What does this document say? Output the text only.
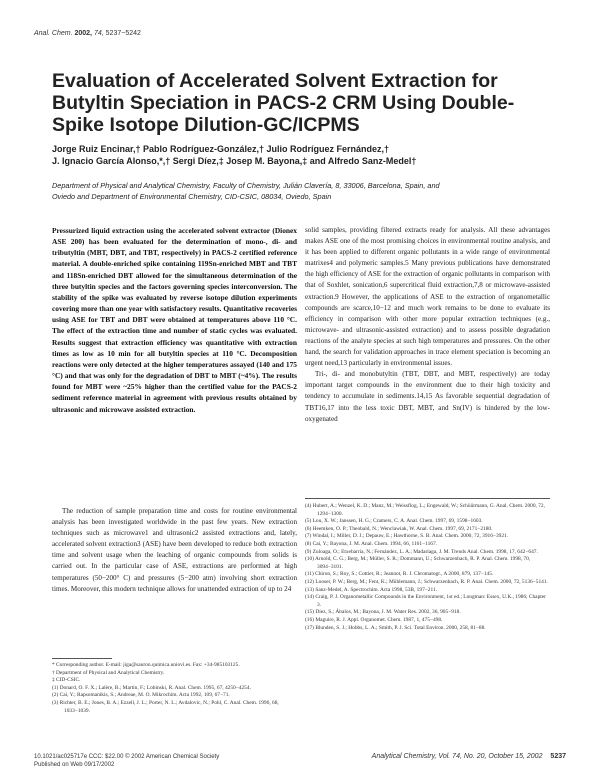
Anal. Chem. 2002, 74, 5237−5242
Evaluation of Accelerated Solvent Extraction for Butyltin Speciation in PACS-2 CRM Using Double-Spike Isotope Dilution-GC/ICPMS
Jorge Ruiz Encinar,† Pablo Rodríguez-González,† Julio Rodríguez Fernández,†
J. Ignacio García Alonso,*,† Sergi Díez,‡ Josep M. Bayona,‡ and Alfredo Sanz-Medel†
Department of Physical and Analytical Chemistry, Faculty of Chemistry, Julián Clavería, 8, 33006, Barcelona, Spain, and
Oviedo and Department of Environmental Chemistry, CID-CSIC, 08034, Oviedo, Spain
Pressurized liquid extraction using the accelerated solvent extractor (Dionex ASE 200) has been evaluated for the determination of mono-, di- and tributyltin (MBT, DBT, and TBT, respectively) in PACS-2 certified reference material. A double-enriched spike containing 119Sn-enriched MBT and TBT and 118Sn-enriched DBT allowed for the simultaneous determination of the three butyltin species and the factors governing species interconversion. The stability of the spike was evaluated by reverse isotope dilution experiments covering more than one year with satisfactory results. Quantitative recoveries using ASE for TBT and DBT were obtained at temperatures above 110 °C. The effect of the extraction time and number of static cycles was evaluated. Results suggest that extraction efficiency was quantitative with extraction times as low as 10 min for all butyltin species at 110 °C. Decomposition reactions were only detected at the higher temperatures assayed (140 and 175 °C) and that was only for the degradation of DBT to MBT (~4%). The results found for MBT were ~25% higher than the certified value for the PACS-2 sediment reference material in agreement with previous results obtained by ultrasonic and microwave assisted extraction.

The reduction of sample preparation time and costs for routine environmental analysis has been investigated worldwide in the past few years. New extraction techniques such as microwave1 and ultrasonic2 assisted extractions and, lately, accelerated solvent extraction3 (ASE) have been developed to reduce both extraction time and solvent usage when the leaching of organic compounds from solids is carried out. In the particular case of ASE, extractions are performed at high temperatures (50−200° C) and pressures (5−200 atm) involving short extraction times. Moreover, this modern technique allows for unattended extraction of up to 24

solid samples, providing filtered extracts ready for analysis. All these advantages makes ASE one of the most promising choices in environmental routine analysis, and it has been applied to different organic pollutants in a wide range of environmental matrixes4 and polymeric samples.5 Many previous publications have demonstrated the high efficiency of ASE for the extraction of organic pollutants in comparison with that of Soxhlet, sonication,6 supercritical fluid extraction,7,8 or microwave-assisted extraction.9 However, the applications of ASE to the extraction of organometallic compounds are scarce,10−12 and much work remains to be done to evaluate its efficiency in comparison with other more popular extraction techniques (e.g., microwave- and ultrasonic-assisted extraction) and to assess possible degradation reactions of the analyte species at such high temperatures and pressures. On the other hand, the search for validation approaches in trace element speciation is becoming an urgent need,13 particularly in environmental issues.

Tri-, di- and monobutyltin (TBT, DBT, and MBT, respectively) are today important target compounds in the environment due to their high toxicity and tendency to accumulate in sediments.14,15 As favorable sequential degradation of TBT16,17 into the less toxic DBT, MBT, and Sn(IV) is hindered by the low-oxygenated

* Corresponding author. E-mail: jiga@sauron.quimica.uniovi.es. Fax: +34-985103125.
† Department of Physical and Analytical Chemistry.
‡ CID-CSIC.
(1) Donard, O. F. X.; Lalère, B.; Martin, F.; Lobinski, R. Anal. Chem. 1995, 67, 4250−4254.
(2) Cai, Y.; Rapsomanikis, S.; Andreae, M. O. Mikrochim. Acta 1992, 109, 67−71.
(3) Richter, B. E.; Jones, B. A.; Ezzell, J. L.; Porter, N. L.; Avdalovic, N.; Pohl, C. Anal. Chem. 1996, 68, 1033−1039.
(4) Hubert, A.; Wenzel, K. D.; Manz, M.; Weissflog, L.; Engewald, W.; Schüürmann, G. Anal. Chem. 2000, 72, 1294−1300.
(5) Lou, X. W.; Janssen, H. G.; Cramers, C. A. Anal. Chem. 1997, 69, 1598−1603.
(6) Heemken, O. P.; Theobald, N.; Wenclawiak, W. Anal. Chem. 1997, 69, 2171−2180.
(7) Windal, I.; Miller, D. J.; Depauw, E.; Hawthorne, S. B. Anal. Chem. 2000, 72, 3916−3921.
(8) Cai, Y.; Bayona, J. M. Anal. Chem. 1994, 66, 1161−1167.
(9) Zuloaga, O.; Etxebarria, N.; Fernández, L. A.; Madariaga, J. M. Trends Anal. Chem. 1998, 17, 642−647.
(10) Arnold, C. G.; Berg, M.; Müller, S. R.; Dommann, U.; Schwarzenbach, R. P. Anal. Chem. 1998, 70, 3094−3101.
(11) Chiron, S.; Roy, S.; Cottier, R.; Jeannot, R. J. Chromatogr., A 2000, 879, 137−145.
(12) Looser, P. W.; Berg, M.; Fent, K.; Mühlemann, J.; Schwarzenbach, R. P. Anal. Chem. 2000, 72, 5136−5141.
(13) Sanz-Medel, A. Spectrochim. Acta 1998, 53B, 197−211.
(14) Craig, P. J. Organometallic Compounds in the Environment, 1st ed.; Longman: Essex, U.K., 1986; Chapter 3.
(15) Díez, S.; Ábalos, M.; Bayona, J. M. Water Res. 2002, 36, 905−918.
(16) Maguire, R. J. Appl. Organomet. Chem. 1987, 1, 475−498.
(17) Blunden, S. J.; Hobbs, L. A.; Smith, P. J. Sci. Total Environ. 2000, 258, 81−88.
10.1021/ac025717e CCC: $22.00 © 2002 American Chemical Society
Published on Web 09/17/2002
Analytical Chemistry, Vol. 74, No. 20, October 15, 2002 5237
